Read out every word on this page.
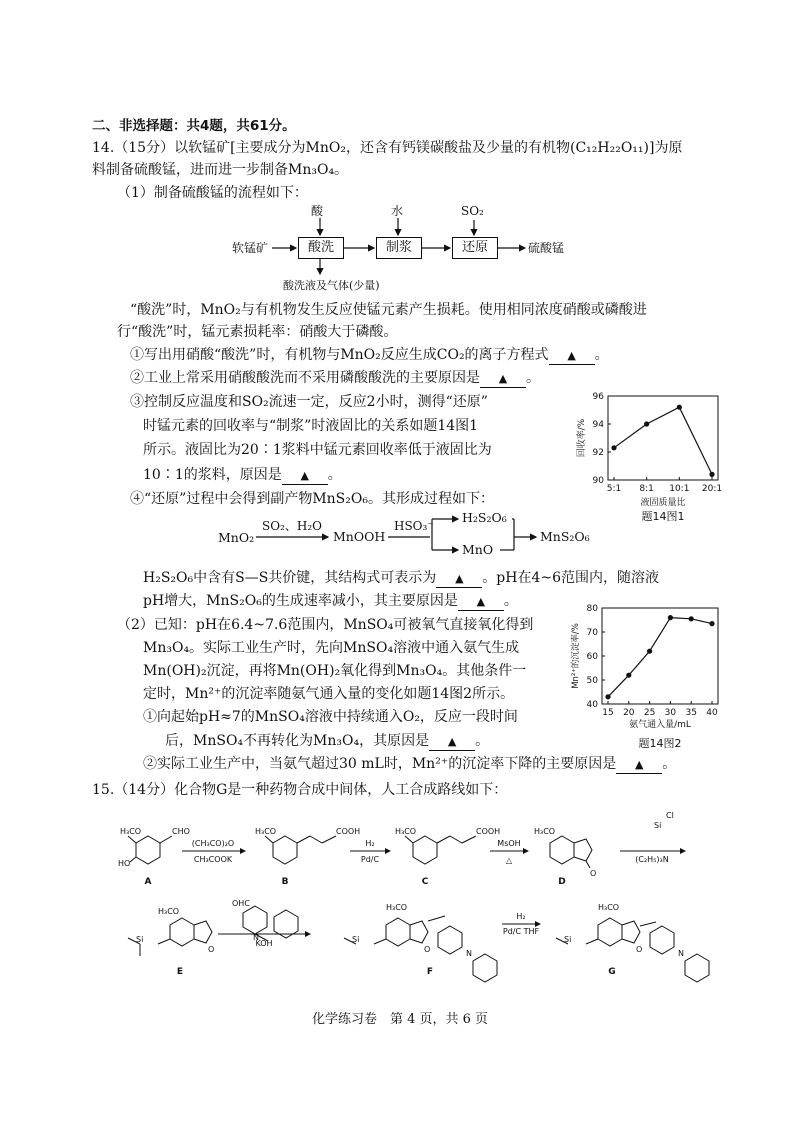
二、非选择题：共4题，共61分。
14.（15分）以软锰矿[主要成分为MnO₂，还含有钙镁碳酸盐及少量的有机物(C₁₂H₂₂O₁₁)]为原
料制备硫酸锰，进而进一步制备Mn₃O₄。
（1）制备硫酸锰的流程如下：
软锰矿
酸	水	SO₂
酸洗	制浆	还原	硫酸锰
酸洗液及气体(少量)
“酸洗”时，MnO₂与有机物发生反应使锰元素产生损耗。使用相同浓度硝酸或磷酸进
行“酸洗”时，锰元素损耗率：硝酸大于磷酸。
①写出用硝酸“酸洗”时，有机物与MnO₂反应生成CO₂的离子方程式 ▲ 。
②工业上常采用硝酸酸洗而不采用磷酸酸洗的主要原因是 ▲ 。
③控制反应温度和SO₂流速一定，反应2小时，测得“还原”
时锰元素的回收率与“制浆”时液固比的关系如题14图1
所示。液固比为20∶1浆料中锰元素回收率低于液固比为
10∶1的浆料，原因是 ▲ 。
④“还原”过程中会得到副产物MnS₂O₆。其形成过程如下：
90
92
94
96
5:1 8:1 10:1 20:1
回收率/%
液固质量比
题14图1
MnO₂
SO₂、H₂O
MnOOH
HSO₃⁻
H₂S₂O₆
MnO
MnS₂O₆
H₂S₂O₆中含有S—S共价键，其结构式可表示为 ▲ 。pH在4~6范围内，随溶液
pH增大，MnS₂O₆的生成速率减小，其主要原因是 ▲ 。
（2）已知：pH在6.4~7.6范围内，MnSO₄可被氧气直接氧化得到
Mn₃O₄。实际工业生产时，先向MnSO₄溶液中通入氨气生成
Mn(OH)₂沉淀，再将Mn(OH)₂氧化得到Mn₃O₄。其他条件一
定时，Mn²⁺的沉淀率随氨气通入量的变化如题14图2所示。
①向起始pH≈7的MnSO₄溶液中持续通入O₂，反应一段时间
后，MnSO₄不再转化为Mn₃O₄，其原因是 ▲ 。
②实际工业生产中，当氨气超过30 mL时，Mn²⁺的沉淀率下降的主要原因是 ▲ 。
40
50
60
70
80
15 20 25 30 35 40
Mn²⁺的沉淀率/%
氨气通入量/mL
题14图2
15.（14分）化合物G是一种药物合成中间体，人工合成路线如下：
H₃CO	CHO
HO
H₃CO	COOH	H₃CO	COOH	H₃CO
O
Si
Cl
H₃CO
Si
O
OHC
N
H₃CO
Si
O	N
H₃CO
Si
O	N
(CH₃CO)₂O
CH₃COOK
H₂
Pd/C
MsOH
△	(C₂H₅)₃N
KOH
H₂
Pd/C THF
A	B	C	D
E	F	G
化学练习卷　第 4 页，共 6 页
